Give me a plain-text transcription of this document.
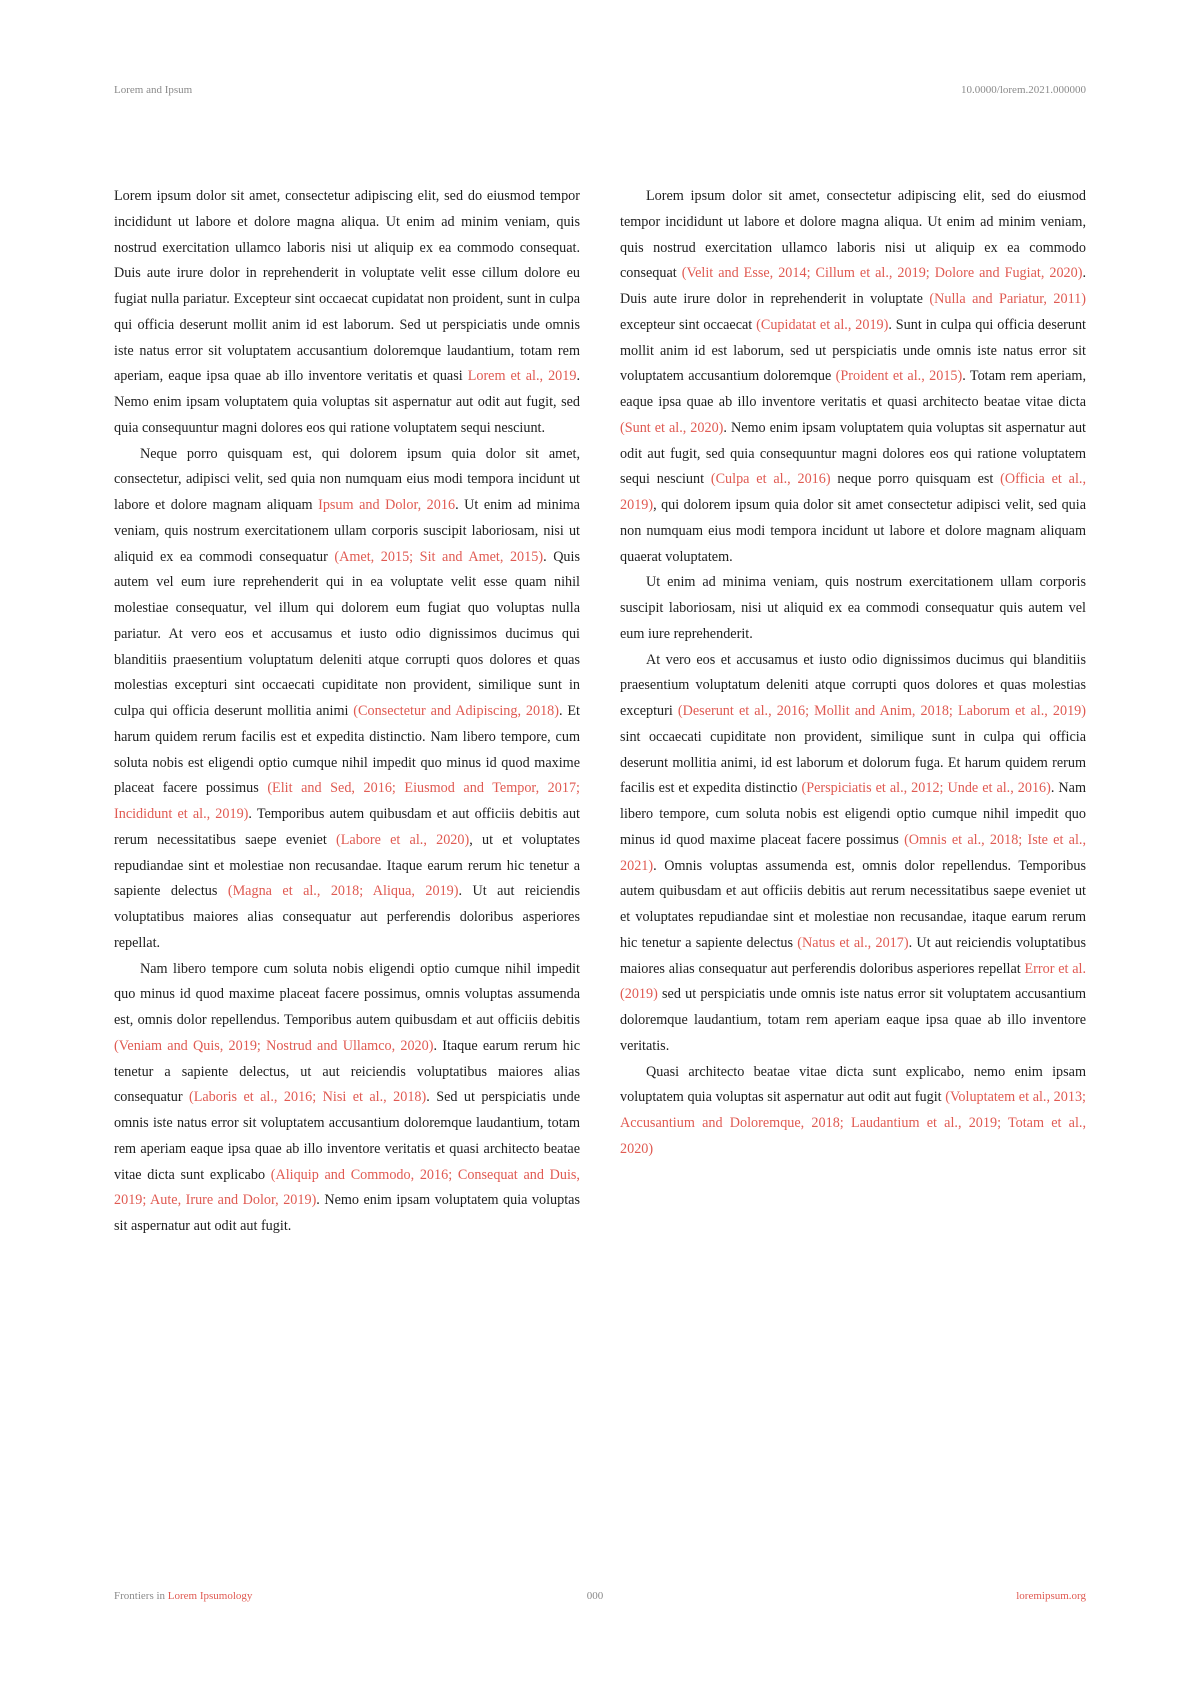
Lorem and Ipsum	10.0000/lorem.2021.000000

Lorem ipsum dolor sit amet, consectetur adipiscing elit, sed do eiusmod tempor incididunt ut labore et dolore magna aliqua. Ut enim ad minim veniam, quis nostrud exercitation ullamco laboris nisi ut aliquip ex ea commodo consequat. Duis aute irure dolor in reprehenderit in voluptate velit esse cillum dolore eu fugiat nulla pariatur. Excepteur sint occaecat cupidatat non proident, sunt in culpa qui officia deserunt mollit anim id est laborum. Sed ut perspiciatis unde omnis iste natus error sit voluptatem accusantium doloremque laudantium, totam rem aperiam, eaque ipsa quae ab illo inventore veritatis et quasi Lorem et al., 2019. Nemo enim ipsam voluptatem quia voluptas sit aspernatur aut odit aut fugit, sed quia consequuntur magni dolores eos qui ratione voluptatem sequi nesciunt.

Neque porro quisquam est, qui dolorem ipsum quia dolor sit amet, consectetur, adipisci velit, sed quia non numquam eius modi tempora incidunt ut labore et dolore magnam aliquam Ipsum and Dolor, 2016. Ut enim ad minima veniam, quis nostrum exercitationem ullam corporis suscipit laboriosam, nisi ut aliquid ex ea commodi consequatur (Amet, 2015; Sit and Amet, 2015). Quis autem vel eum iure reprehenderit qui in ea voluptate velit esse quam nihil molestiae consequatur, vel illum qui dolorem eum fugiat quo voluptas nulla pariatur. At vero eos et accusamus et iusto odio dignissimos ducimus qui blanditiis praesentium voluptatum deleniti atque corrupti quos dolores et quas molestias excepturi sint occaecati cupiditate non provident, similique sunt in culpa qui officia deserunt mollitia animi (Consectetur and Adipiscing, 2018). Et harum quidem rerum facilis est et expedita distinctio. Nam libero tempore, cum soluta nobis est eligendi optio cumque nihil impedit quo minus id quod maxime placeat facere possimus (Elit and Sed, 2016; Eiusmod and Tempor, 2017; Incididunt et al., 2019). Temporibus autem quibusdam et aut officiis debitis aut rerum necessitatibus saepe eveniet (Labore et al., 2020), ut et voluptates repudiandae sint et molestiae non recusandae. Itaque earum rerum hic tenetur a sapiente delectus (Magna et al., 2018; Aliqua, 2019). Ut aut reiciendis voluptatibus maiores alias consequatur aut perferendis doloribus asperiores repellat.

Nam libero tempore cum soluta nobis eligendi optio cumque nihil impedit quo minus id quod maxime placeat facere possimus, omnis voluptas assumenda est, omnis dolor repellendus. Temporibus autem quibusdam et aut officiis debitis (Veniam and Quis, 2019; Nostrud and Ullamco, 2020). Itaque earum rerum hic tenetur a sapiente delectus, ut aut reiciendis voluptatibus maiores alias consequatur (Laboris et al., 2016; Nisi et al., 2018). Sed ut perspiciatis unde omnis iste natus error sit voluptatem accusantium doloremque laudantium, totam rem aperiam eaque ipsa quae ab illo inventore veritatis et quasi architecto beatae vitae dicta sunt explicabo (Aliquip and Commodo, 2016; Consequat and Duis, 2019; Aute, Irure and Dolor, 2019). Nemo enim ipsam voluptatem quia voluptas sit aspernatur aut odit aut fugit.

Lorem ipsum dolor sit amet, consectetur adipiscing elit, sed do eiusmod tempor incididunt ut labore et dolore magna aliqua. Ut enim ad minim veniam, quis nostrud exercitation ullamco laboris nisi ut aliquip ex ea commodo consequat (Velit and Esse, 2014; Cillum et al., 2019; Dolore and Fugiat, 2020). Duis aute irure dolor in reprehenderit in voluptate (Nulla and Pariatur, 2011) excepteur sint occaecat (Cupidatat et al., 2019). Sunt in culpa qui officia deserunt mollit anim id est laborum, sed ut perspiciatis unde omnis iste natus error sit voluptatem accusantium doloremque (Proident et al., 2015). Totam rem aperiam, eaque ipsa quae ab illo inventore veritatis et quasi architecto beatae vitae dicta (Sunt et al., 2020). Nemo enim ipsam voluptatem quia voluptas sit aspernatur aut odit aut fugit, sed quia consequuntur magni dolores eos qui ratione voluptatem sequi nesciunt (Culpa et al., 2016) neque porro quisquam est (Officia et al., 2019), qui dolorem ipsum quia dolor sit amet consectetur adipisci velit, sed quia non numquam eius modi tempora incidunt ut labore et dolore magnam aliquam quaerat voluptatem.

Ut enim ad minima veniam, quis nostrum exercitationem ullam corporis suscipit laboriosam, nisi ut aliquid ex ea commodi consequatur quis autem vel eum iure reprehenderit.

At vero eos et accusamus et iusto odio dignissimos ducimus qui blanditiis praesentium voluptatum deleniti atque corrupti quos dolores et quas molestias excepturi (Deserunt et al., 2016; Mollit and Anim, 2018; Laborum et al., 2019) sint occaecati cupiditate non provident, similique sunt in culpa qui officia deserunt mollitia animi, id est laborum et dolorum fuga. Et harum quidem rerum facilis est et expedita distinctio (Perspiciatis et al., 2012; Unde et al., 2016). Nam libero tempore, cum soluta nobis est eligendi optio cumque nihil impedit quo minus id quod maxime placeat facere possimus (Omnis et al., 2018; Iste et al., 2021). Omnis voluptas assumenda est, omnis dolor repellendus. Temporibus autem quibusdam et aut officiis debitis aut rerum necessitatibus saepe eveniet ut et voluptates repudiandae sint et molestiae non recusandae, itaque earum rerum hic tenetur a sapiente delectus (Natus et al., 2017). Ut aut reiciendis voluptatibus maiores alias consequatur aut perferendis doloribus asperiores repellat Error et al. (2019) sed ut perspiciatis unde omnis iste natus error sit voluptatem accusantium doloremque laudantium, totam rem aperiam eaque ipsa quae ab illo inventore veritatis.

Quasi architecto beatae vitae dicta sunt explicabo, nemo enim ipsam voluptatem quia voluptas sit aspernatur aut odit aut fugit (Voluptatem et al., 2013; Accusantium and Doloremque, 2018; Laudantium et al., 2019; Totam et al., 2020)

Frontiers in Lorem Ipsumology	000	loremipsum.org
